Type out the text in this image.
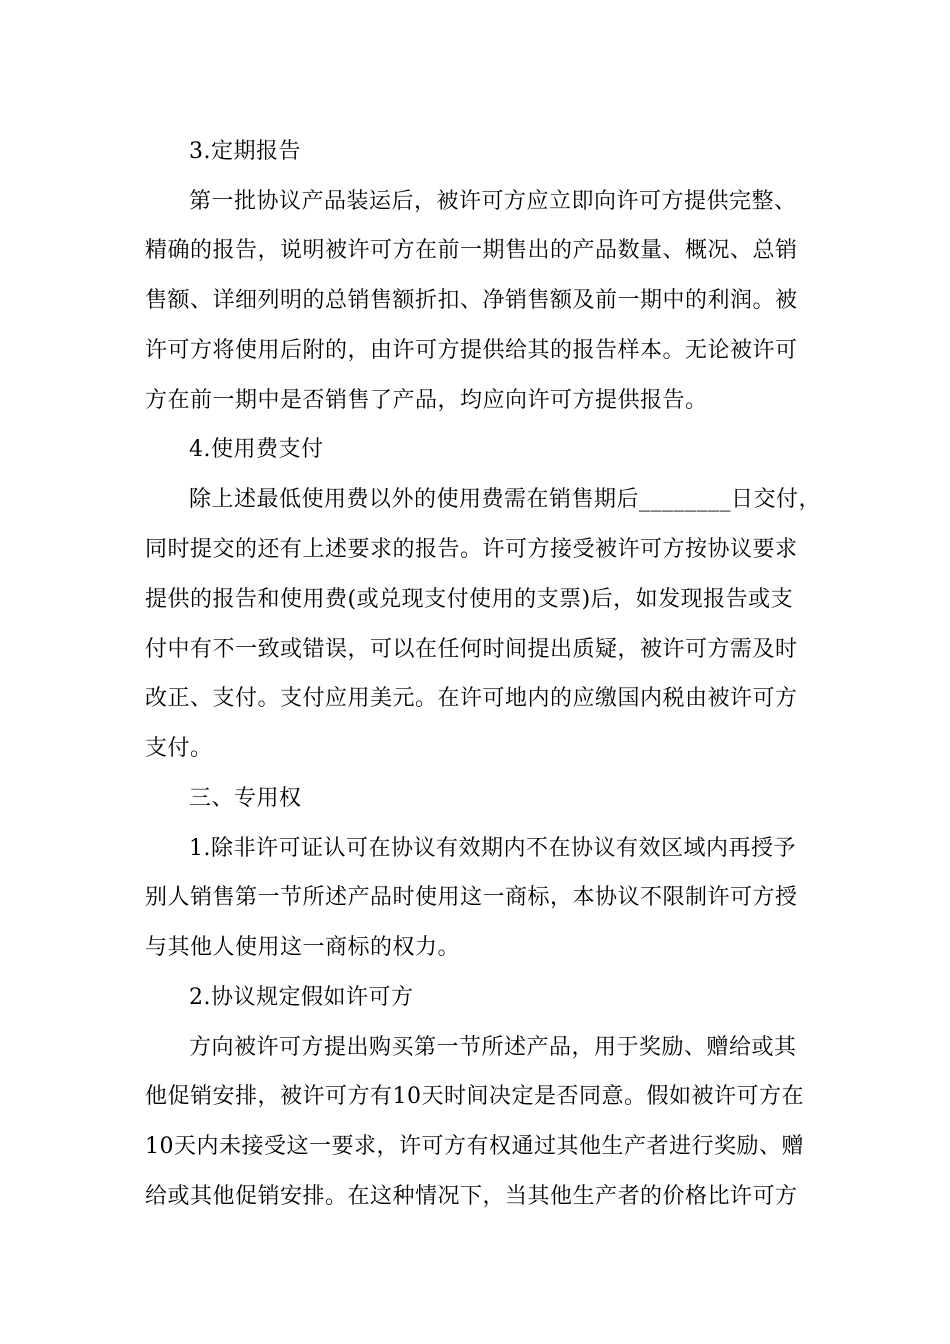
3.定期报告
第一批协议产品装运后，被许可方应立即向许可方提供完整、
精确的报告，说明被许可方在前一期售出的产品数量、概况、总销
售额、详细列明的总销售额折扣、净销售额及前一期中的利润。被
许可方将使用后附的，由许可方提供给其的报告样本。无论被许可
方在前一期中是否销售了产品，均应向许可方提供报告。
4.使用费支付
除上述最低使用费以外的使用费需在销售期后________日交付，
同时提交的还有上述要求的报告。许可方接受被许可方按协议要求
提供的报告和使用费(或兑现支付使用的支票)后，如发现报告或支
付中有不一致或错误，可以在任何时间提出质疑，被许可方需及时
改正、支付。支付应用美元。在许可地内的应缴国内税由被许可方
支付。
三、专用权
1.除非许可证认可在协议有效期内不在协议有效区域内再授予
别人销售第一节所述产品时使用这一商标，本协议不限制许可方授
与其他人使用这一商标的权力。
2.协议规定假如许可方
方向被许可方提出购买第一节所述产品，用于奖励、赠给或其
他促销安排，被许可方有10天时间决定是否同意。假如被许可方在
10天内未接受这一要求，许可方有权通过其他生产者进行奖励、赠
给或其他促销安排。在这种情况下，当其他生产者的价格比许可方
